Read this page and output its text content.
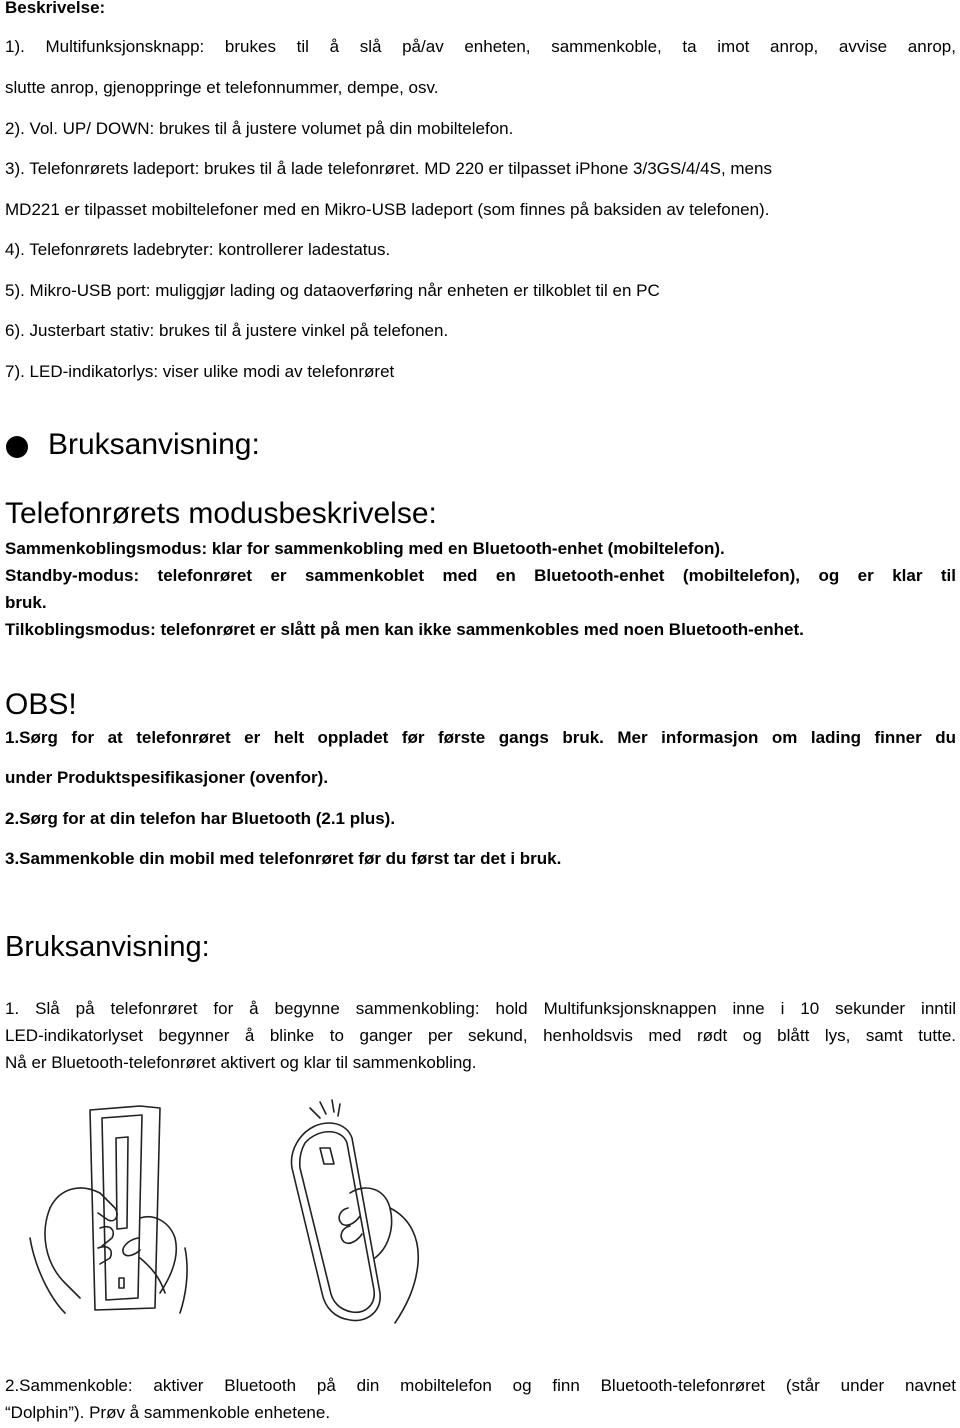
Beskrivelse:

1). Multifunksjonsknapp: brukes til å slå på/av enheten, sammenkoble, ta imot anrop, avvise anrop,

slutte anrop, gjenoppringe et telefonnummer, dempe, osv.

2). Vol. UP/ DOWN: brukes til å justere volumet på din mobiltelefon.

3). Telefonrørets ladeport: brukes til å lade telefonrøret. MD 220 er tilpasset iPhone 3/3GS/4/4S, mens

MD221 er tilpasset mobiltelefoner med en Mikro-USB ladeport (som finnes på baksiden av telefonen).

4). Telefonrørets ladebryter: kontrollerer ladestatus.

5). Mikro-USB port: muliggjør lading og dataoverføring når enheten er tilkoblet til en PC

6). Justerbart stativ: brukes til å justere vinkel på telefonen.

7). LED-indikatorlys: viser ulike modi av telefonrøret

Bruksanvisning:

Telefonrørets modusbeskrivelse:

Sammenkoblingsmodus: klar for sammenkobling med en Bluetooth-enhet (mobiltelefon).

Standby-modus: telefonrøret er sammenkoblet med en Bluetooth-enhet (mobiltelefon), og er klar til

bruk.

Tilkoblingsmodus: telefonrøret er slått på men kan ikke sammenkobles med noen Bluetooth-enhet.

OBS!

1.Sørg for at telefonrøret er helt oppladet før første gangs bruk. Mer informasjon om lading finner du

under Produktspesifikasjoner (ovenfor).

2.Sørg for at din telefon har Bluetooth (2.1 plus).

3.Sammenkoble din mobil med telefonrøret før du først tar det i bruk.

Bruksanvisning:

1. Slå på telefonrøret for å begynne sammenkobling: hold Multifunksjonsknappen inne i 10 sekunder inntil

LED-indikatorlyset begynner å blinke to ganger per sekund, henholdsvis med rødt og blått lys, samt tutte.

Nå er Bluetooth-telefonrøret aktivert og klar til sammenkobling.

2.Sammenkoble: aktiver Bluetooth på din mobiltelefon og finn Bluetooth-telefonrøret (står under navnet

“Dolphin”). Prøv å sammenkoble enhetene.
